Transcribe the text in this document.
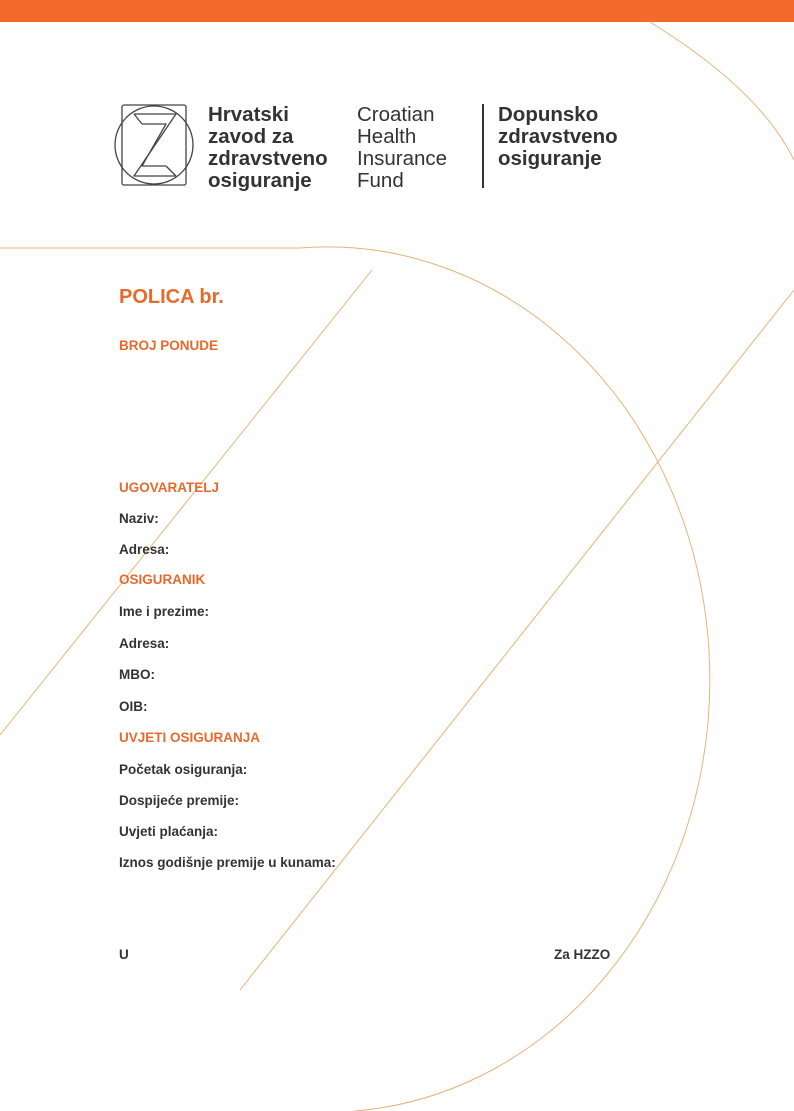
Hrvatski
zavod za
zdravstveno
osiguranje
Croatian
Health
Insurance
Fund
Dopunsko
zdravstveno
osiguranje
POLICA br.
BROJ PONUDE
UGOVARATELJ
Naziv:
Adresa:
OSIGURANIK
Ime i prezime:
Adresa:
MBO:
OIB:
UVJETI OSIGURANJA
Početak osiguranja:
Dospijeće premije:
Uvjeti plaćanja:
Iznos godišnje premije u kunama:
U	Za HZZO
